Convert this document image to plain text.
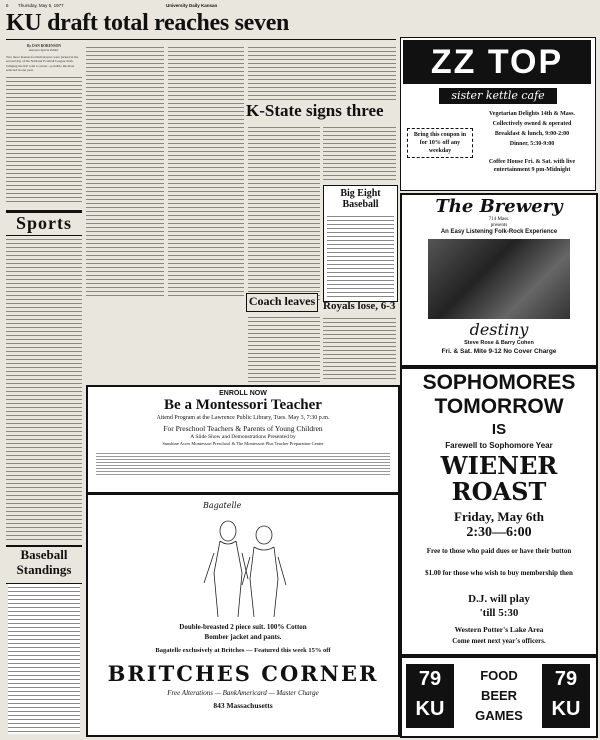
6 Thursday, May 5, 1977	University Daily Kansan
KU draft total reaches seven
By DAN BORENSON
Kansan Sports Editor
Two more Kansas football players were picked in the second day of the National Football League draft, bringing the KU total to seven—possibly the most selected in one year.
Sports
Baseball
Standings
K-State signs three
Big Eight
Baseball
Coach leaves Royals lose, 6-3
ENROLL NOW
Be a Montessori Teacher
Attend Program at the Lawrence Public Library, Tues. May 3, 7:30 p.m.
For Preschool Teachers & Parents of Young Children
A Slide Show and Demonstrations Presented by
Sunshine Acres Montessori Preschool & The Montessori Plus Teacher Preparation Center
Bagatelle
Double-breasted 2 piece suit. 100% Cotton
Bomber jacket and pants.
Bagatelle exclusively at Britches — Featured this week 15% off
BRITCHES CORNER
Free Alterations — BankAmericard — Master Charge
843 Massachusetts
ZZ TOP
sister kettle cafe
Vegetarian Delights 14th & Mass.
Collectively owned & operated
Breakfast & lunch, 9:00-2:00
Dinner, 5:30-9:00
Bring this coupon in for 10% off any weekday
Coffee House Fri. & Sat. with live entertainment 9 pm-Midnight
The Brewery
714 Mass.
presents
An Easy Listening Folk-Rock Experience
destiny
Steve Rose & Barry Cohen
Fri. & Sat. Mite 9-12 No Cover Charge
SOPHOMORES
TOMORROW
IS
Farewell to Sophomore Year
WIENER
ROAST
Friday, May 6th
2:30—6:00
Free to those who paid dues or have their button
$1.00 for those who wish to buy membership then
D.J. will play
'till 5:30
Western Potter's Lake Area
Come meet next year's officers.
79 KU
FOOD
BEER
GAMES
79 KU
